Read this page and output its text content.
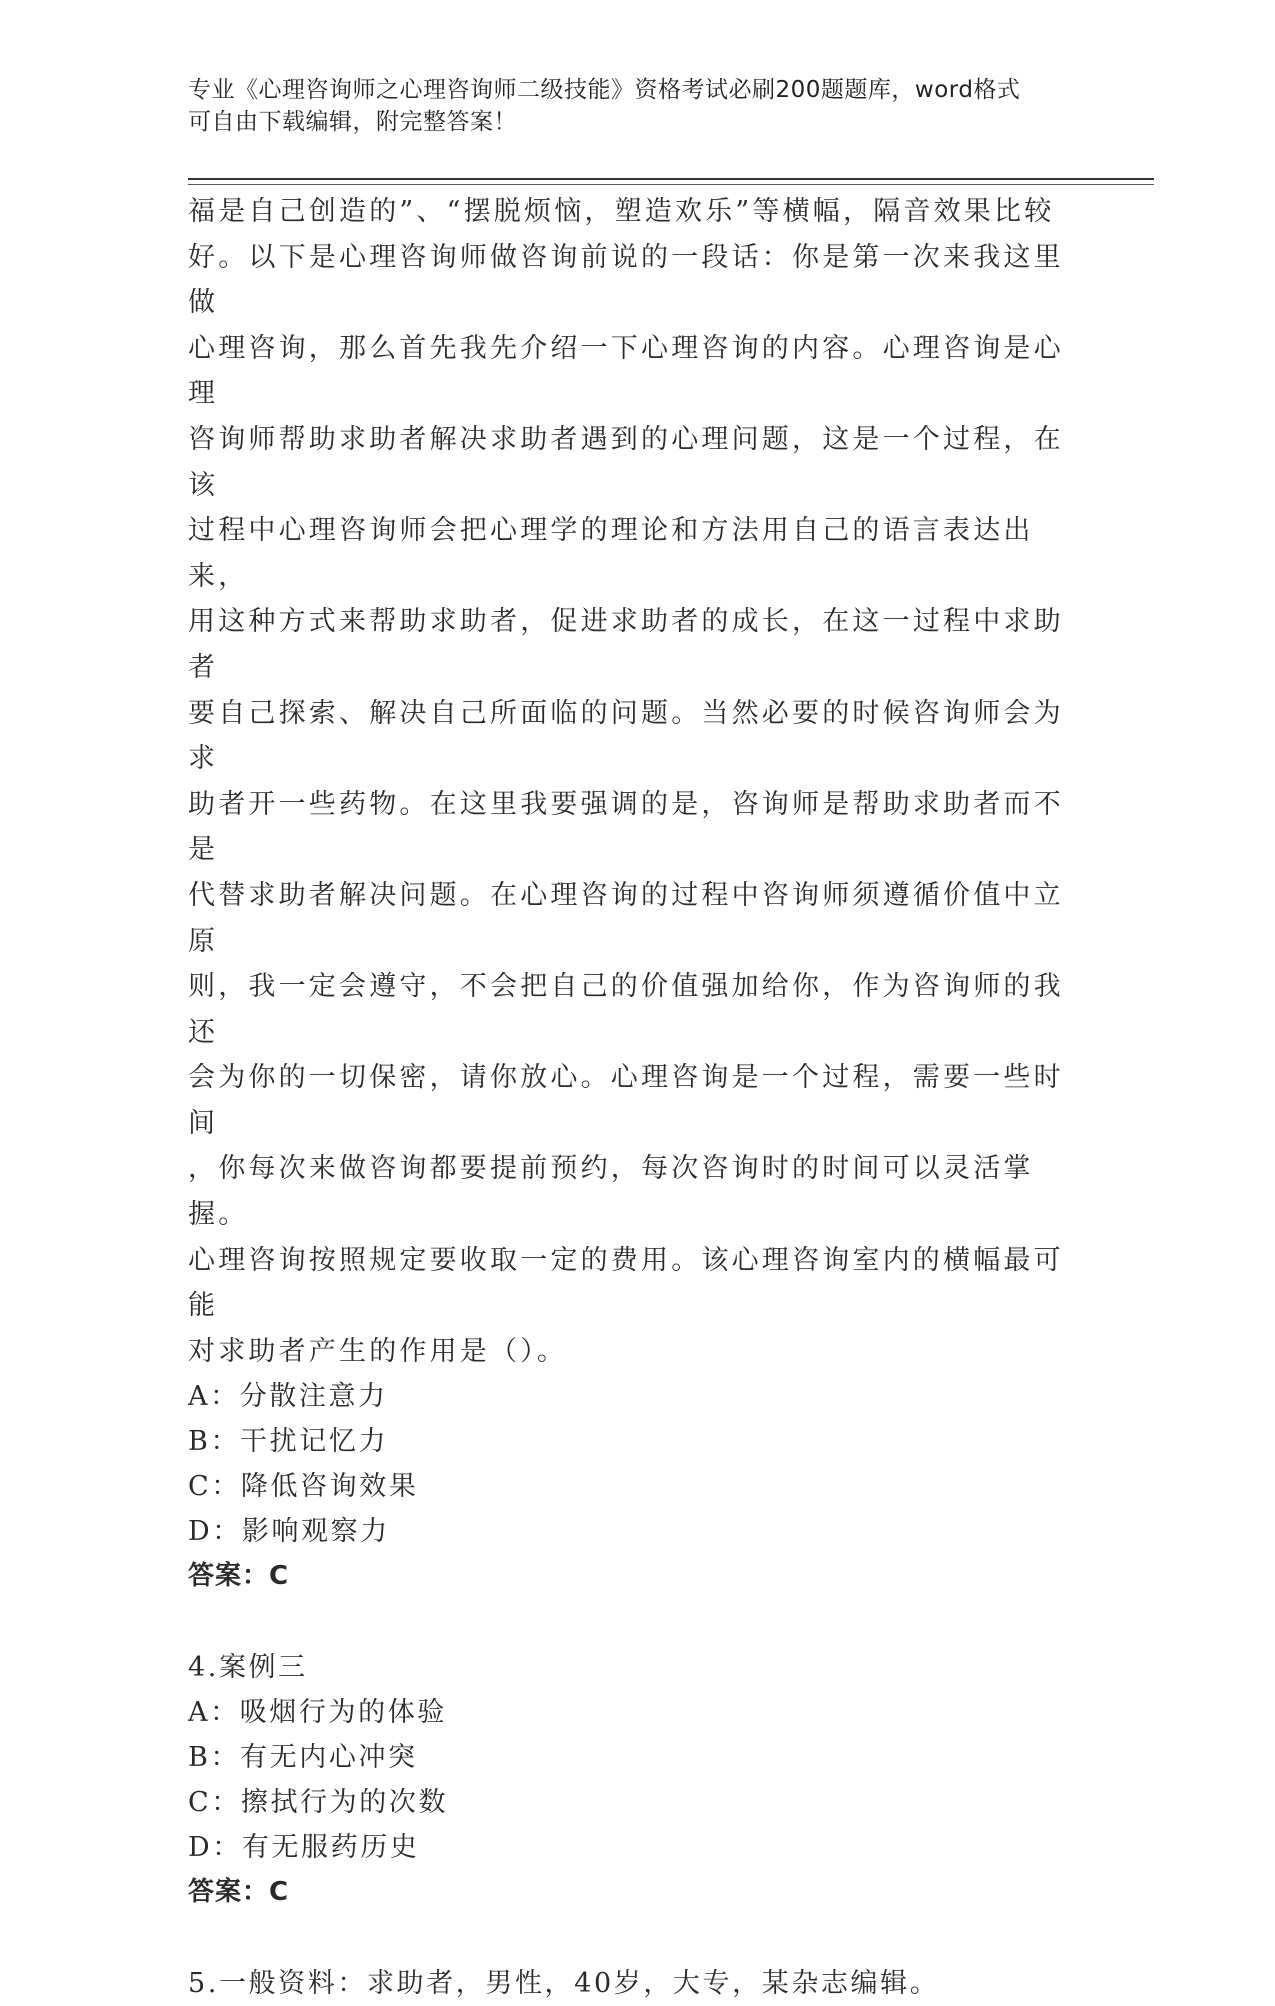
专业《心理咨询师之心理咨询师二级技能》资格考试必刷200题题库，word格式
可自由下载编辑，附完整答案！
福是自己创造的”、“摆脱烦恼，塑造欢乐”等横幅，隔音效果比较
好。以下是心理咨询师做咨询前说的一段话：你是第一次来我这里做
心理咨询，那么首先我先介绍一下心理咨询的内容。心理咨询是心理
咨询师帮助求助者解决求助者遇到的心理问题，这是一个过程，在该
过程中心理咨询师会把心理学的理论和方法用自己的语言表达出来，
用这种方式来帮助求助者，促进求助者的成长，在这一过程中求助者
要自己探索、解决自己所面临的问题。当然必要的时候咨询师会为求
助者开一些药物。在这里我要强调的是，咨询师是帮助求助者而不是
代替求助者解决问题。在心理咨询的过程中咨询师须遵循价值中立原
则，我一定会遵守，不会把自己的价值强加给你，作为咨询师的我还
会为你的一切保密，请你放心。心理咨询是一个过程，需要一些时间
，你每次来做咨询都要提前预约，每次咨询时的时间可以灵活掌握。
心理咨询按照规定要收取一定的费用。该心理咨询室内的横幅最可能
对求助者产生的作用是（）。
A：分散注意力
B：干扰记忆力
C：降低咨询效果
D：影响观察力
答案：C
4.案例三
A：吸烟行为的体验
B：有无内心冲突
C：擦拭行为的次数
D：有无服药历史
答案：C
5.一般资料：求助者，男性，40岁，大专，某杂志编辑。
